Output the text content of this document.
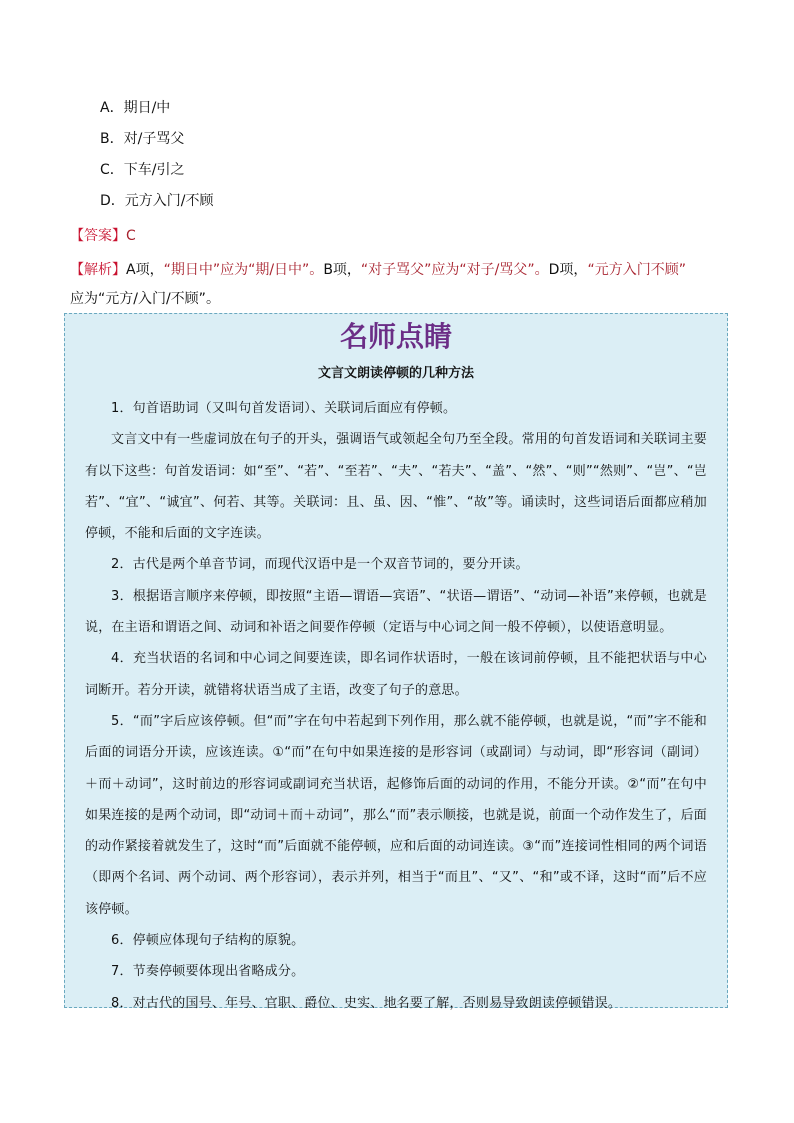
A．期日/中
B．对/子骂父
C．下车/引之
D．元方入门/不顾
【答案】C
【解析】A项，“期日中”应为“期/日中”。B项，“对子骂父”应为“对子/骂父”。D项，“元方入门不顾”
应为“元方/入门/不顾”。
名师点睛
文言文朗读停顿的几种方法

1．句首语助词（又叫句首发语词）、关联词后面应有停顿。

文言文中有一些虚词放在句子的开头，强调语气或领起全句乃至全段。常用的句首发语词和关联词主要有以下这些：句首发语词：如“至”、“若”、“至若”、“夫”、“若夫”、“盖”、“然”、“则”“然则”、“岂”、“岂若”、“宜”、“诚宜”、何若、其等。关联词：且、虽、因、“惟”、“故”等。诵读时，这些词语后面都应稍加停顿，不能和后面的文字连读。

2．古代是两个单音节词，而现代汉语中是一个双音节词的，要分开读。

3．根据语言顺序来停顿，即按照“主语—谓语—宾语”、“状语—谓语”、“动词—补语”来停顿，也就是说，在主语和谓语之间、动词和补语之间要作停顿（定语与中心词之间一般不停顿），以使语意明显。

4．充当状语的名词和中心词之间要连读，即名词作状语时，一般在该词前停顿，且不能把状语与中心词断开。若分开读，就错将状语当成了主语，改变了句子的意思。

5．“而”字后应该停顿。但“而”字在句中若起到下列作用，那么就不能停顿，也就是说，“而”字不能和后面的词语分开读，应该连读。①“而”在句中如果连接的是形容词（或副词）与动词，即“形容词（副词）＋而＋动词”，这时前边的形容词或副词充当状语，起修饰后面的动词的作用，不能分开读。②“而”在句中如果连接的是两个动词，即“动词＋而＋动词”，那么“而”表示顺接，也就是说，前面一个动作发生了，后面的动作紧接着就发生了，这时“而”后面就不能停顿，应和后面的动词连读。③“而”连接词性相同的两个词语（即两个名词、两个动词、两个形容词），表示并列，相当于“而且”、“又”、“和”或不译，这时“而”后不应该停顿。

6．停顿应体现句子结构的原貌。

7．节奏停顿要体现出省略成分。

8．对古代的国号、年号、官职、爵位、史实、地名要了解，否则易导致朗读停顿错误。
